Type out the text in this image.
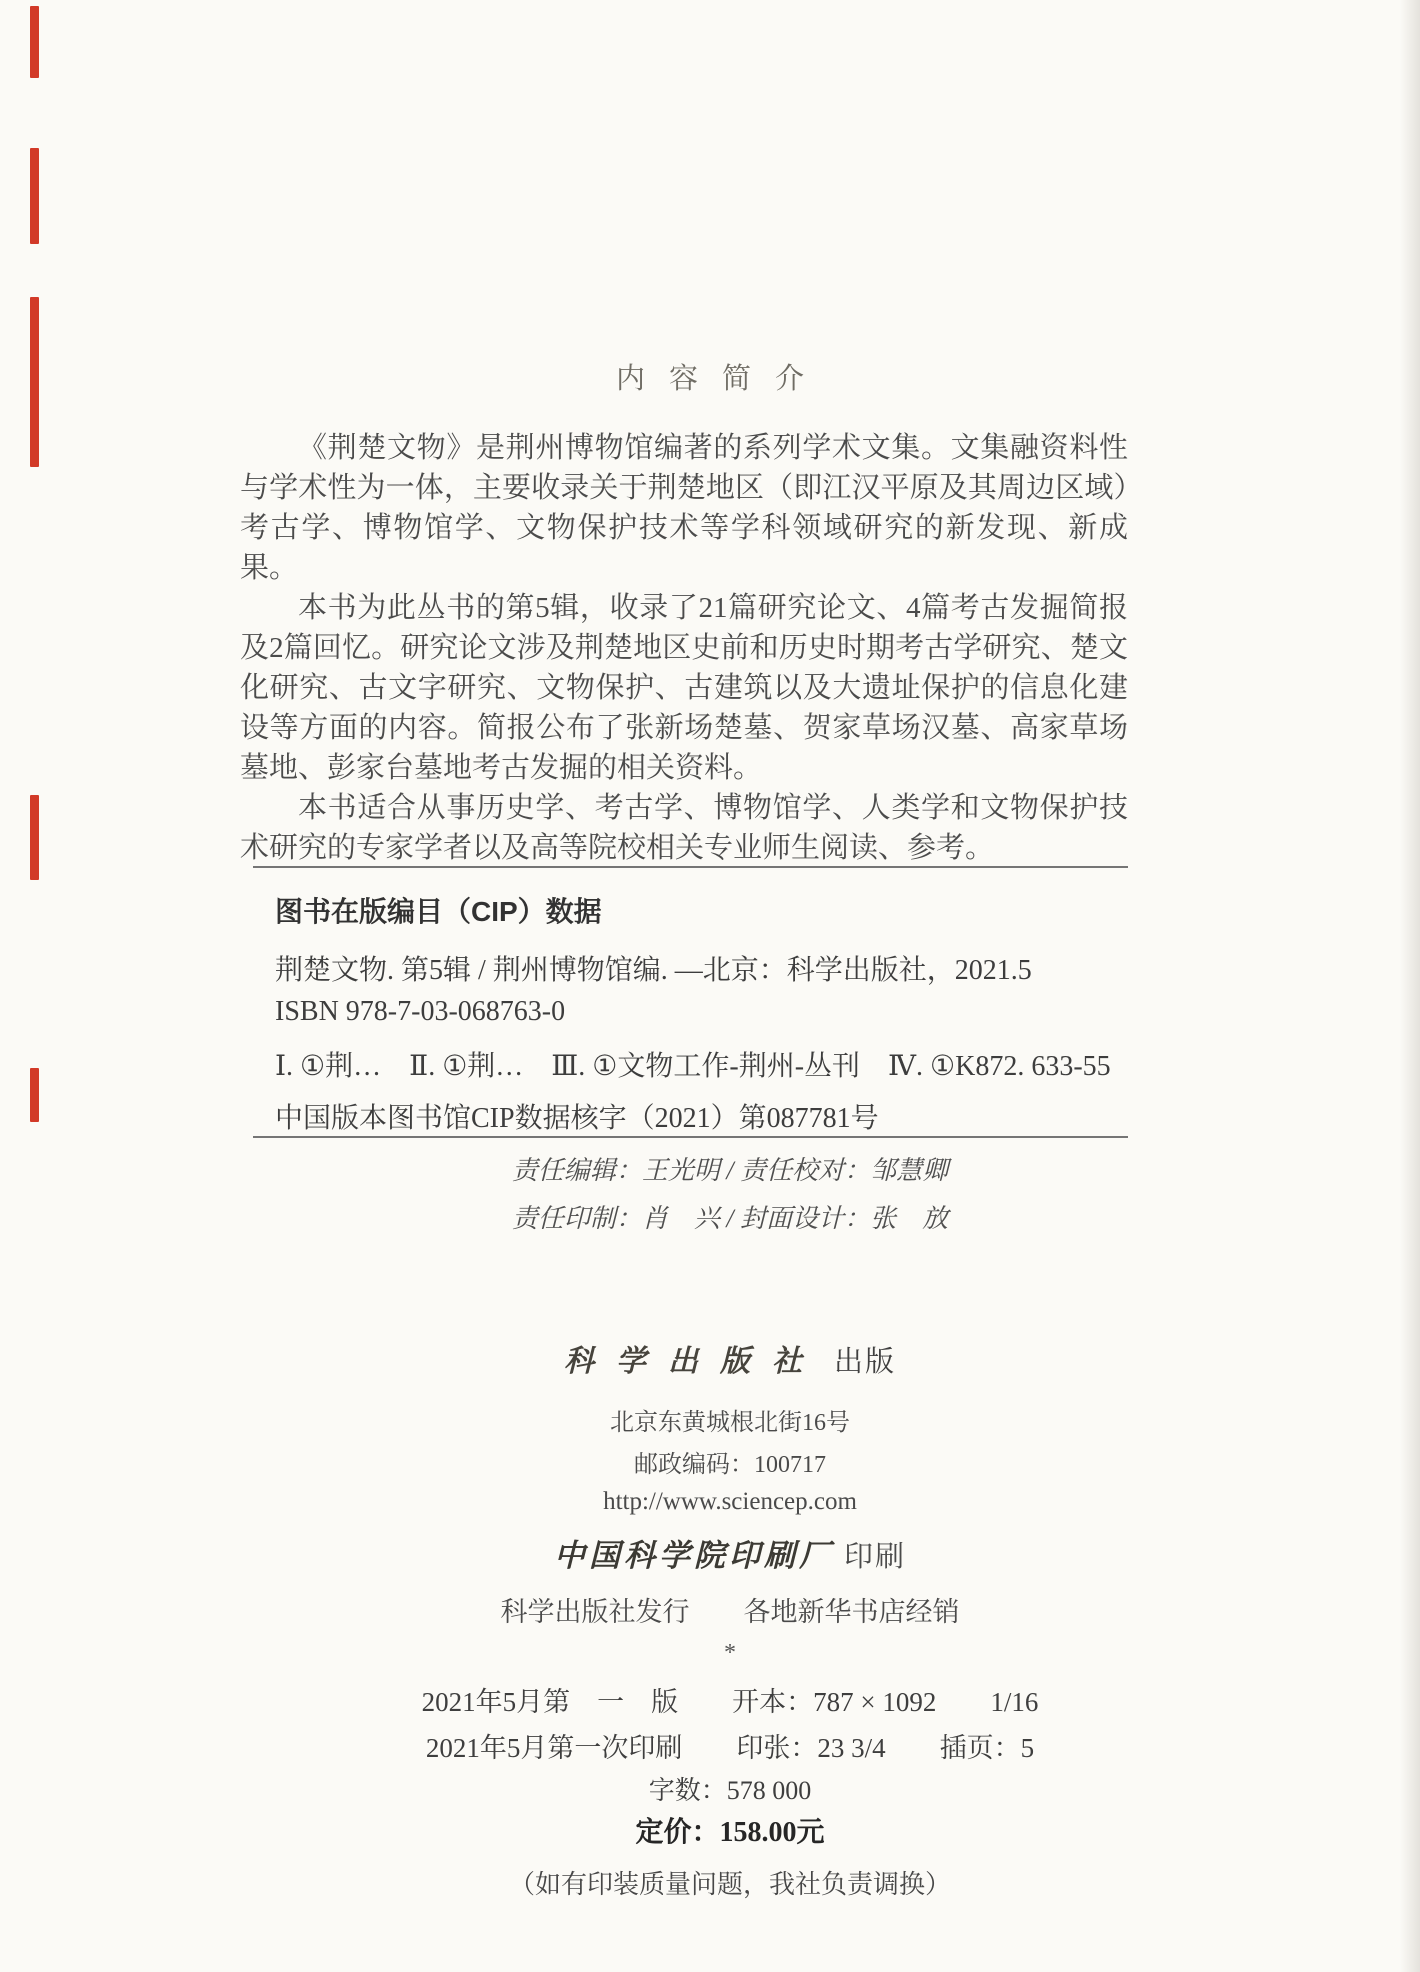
内容简介

《荆楚文物》是荆州博物馆编著的系列学术文集。文集融资料性与学术性为一体，主要收录关于荆楚地区（即江汉平原及其周边区域）考古学、博物馆学、文物保护技术等学科领域研究的新发现、新成果。

本书为此丛书的第5辑，收录了21篇研究论文、4篇考古发掘简报及2篇回忆。研究论文涉及荆楚地区史前和历史时期考古学研究、楚文化研究、古文字研究、文物保护、古建筑以及大遗址保护的信息化建设等方面的内容。简报公布了张新场楚墓、贺家草场汉墓、高家草场墓地、彭家台墓地考古发掘的相关资料。

本书适合从事历史学、考古学、博物馆学、人类学和文物保护技术研究的专家学者以及高等院校相关专业师生阅读、参考。

图书在版编目（CIP）数据
荆楚文物. 第5辑 / 荆州博物馆编. —北京：科学出版社，2021.5
ISBN 978-7-03-068763-0
Ⅰ. ①荆…　Ⅱ. ①荆…　Ⅲ. ①文物工作-荆州-丛刊　Ⅳ. ①K872. 633-55
中国版本图书馆CIP数据核字（2021）第087781号
责任编辑：王光明 / 责任校对：邹慧卿
责任印制：肖　兴 / 封面设计：张　放
科学出版社 出版
北京东黄城根北街16号
邮政编码：100717
http://www.sciencep.com
中国科学院印刷厂 印刷
科学出版社发行　　各地新华书店经销
*
2021年5月第　一　版　　开本：787 × 1092　　1/16
2021年5月第一次印刷　　印张：23 3/4　　插页：5
字数：578 000
定价：158.00元
（如有印装质量问题，我社负责调换）
